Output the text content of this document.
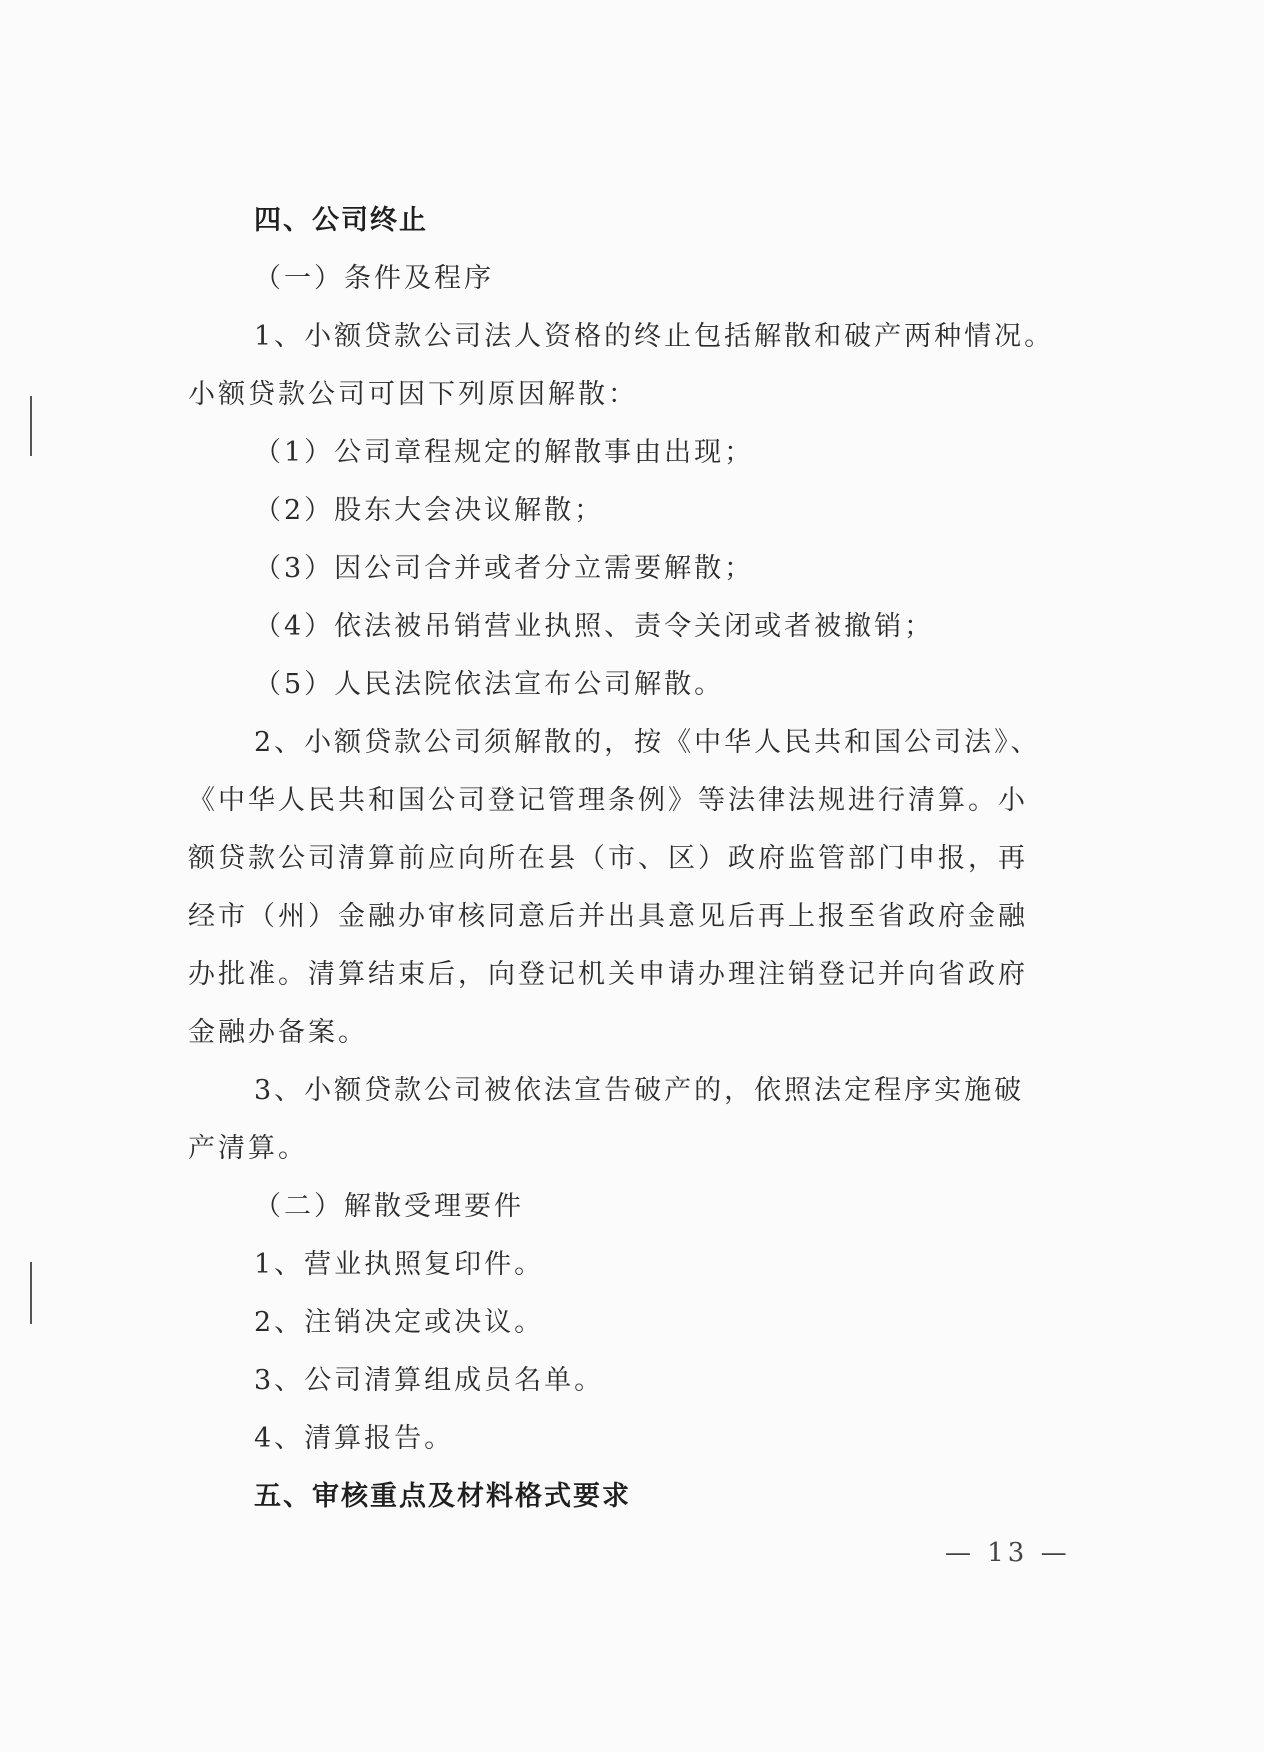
四、公司终止
（一）条件及程序
1、小额贷款公司法人资格的终止包括解散和破产两种情况。
小额贷款公司可因下列原因解散：
（1）公司章程规定的解散事由出现；
（2）股东大会决议解散；
（3）因公司合并或者分立需要解散；
（4）依法被吊销营业执照、责令关闭或者被撤销；
（5）人民法院依法宣布公司解散。
2、小额贷款公司须解散的，按《中华人民共和国公司法》、
《中华人民共和国公司登记管理条例》等法律法规进行清算。小
额贷款公司清算前应向所在县（市、区）政府监管部门申报，再
经市（州）金融办审核同意后并出具意见后再上报至省政府金融
办批准。清算结束后，向登记机关申请办理注销登记并向省政府
金融办备案。
3、小额贷款公司被依法宣告破产的，依照法定程序实施破
产清算。
（二）解散受理要件
1、营业执照复印件。
2、注销决定或决议。
3、公司清算组成员名单。
4、清算报告。
五、审核重点及材料格式要求
— 13 —
